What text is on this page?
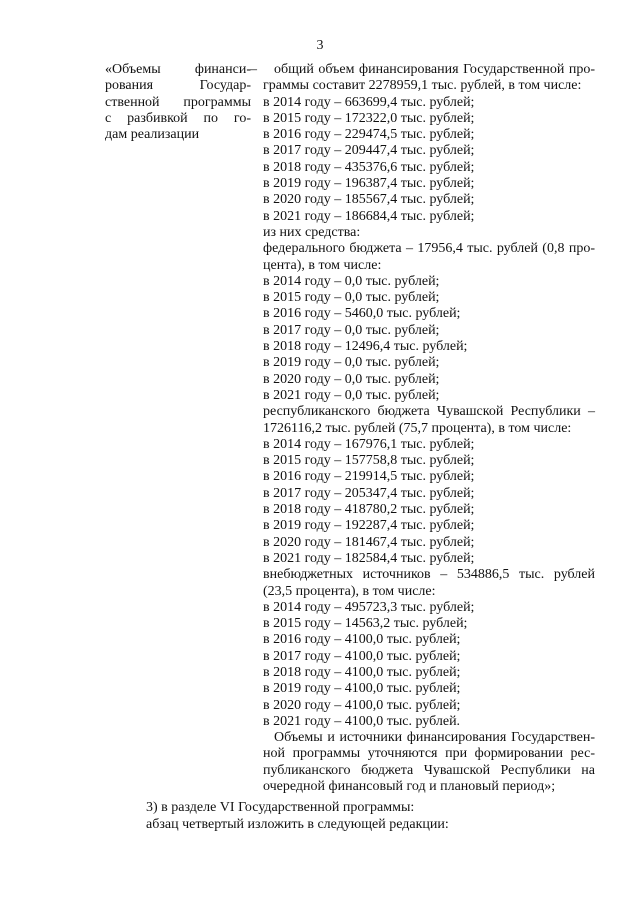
3
«Объемы финанси-
рования Государ-
ственной программы
с разбивкой по го-
дам реализации
–	общий объем финансирования Государственной про-
граммы составит 2278959,1 тыс. рублей, в том числе:
в 2014 году – 663699,4 тыс. рублей;
в 2015 году – 172322,0 тыс. рублей;
в 2016 году – 229474,5 тыс. рублей;
в 2017 году – 209447,4 тыс. рублей;
в 2018 году – 435376,6 тыс. рублей;
в 2019 году – 196387,4 тыс. рублей;
в 2020 году – 185567,4 тыс. рублей;
в 2021 году – 186684,4 тыс. рублей;
из них средства:
федерального бюджета – 17956,4 тыс. рублей (0,8 про-
цента), в том числе:
в 2014 году – 0,0 тыс. рублей;
в 2015 году – 0,0 тыс. рублей;
в 2016 году – 5460,0 тыс. рублей;
в 2017 году – 0,0 тыс. рублей;
в 2018 году – 12496,4 тыс. рублей;
в 2019 году – 0,0 тыс. рублей;
в 2020 году – 0,0 тыс. рублей;
в 2021 году – 0,0 тыс. рублей;
республиканского бюджета Чувашской Республики –
1726116,2 тыс. рублей (75,7 процента), в том числе:
в 2014 году – 167976,1 тыс. рублей;
в 2015 году – 157758,8 тыс. рублей;
в 2016 году – 219914,5 тыс. рублей;
в 2017 году – 205347,4 тыс. рублей;
в 2018 году – 418780,2 тыс. рублей;
в 2019 году – 192287,4 тыс. рублей;
в 2020 году – 181467,4 тыс. рублей;
в 2021 году – 182584,4 тыс. рублей;
внебюджетных источников – 534886,5 тыс. рублей
(23,5 процента), в том числе:
в 2014 году – 495723,3 тыс. рублей;
в 2015 году – 14563,2 тыс. рублей;
в 2016 году – 4100,0 тыс. рублей;
в 2017 году – 4100,0 тыс. рублей;
в 2018 году – 4100,0 тыс. рублей;
в 2019 году – 4100,0 тыс. рублей;
в 2020 году – 4100,0 тыс. рублей;
в 2021 году – 4100,0 тыс. рублей.
Объемы и источники финансирования Государствен-
ной программы уточняются при формировании рес-
публиканского бюджета Чувашской Республики на
очередной финансовый год и плановый период»;
3) в разделе VI Государственной программы:
абзац четвертый изложить в следующей редакции:
